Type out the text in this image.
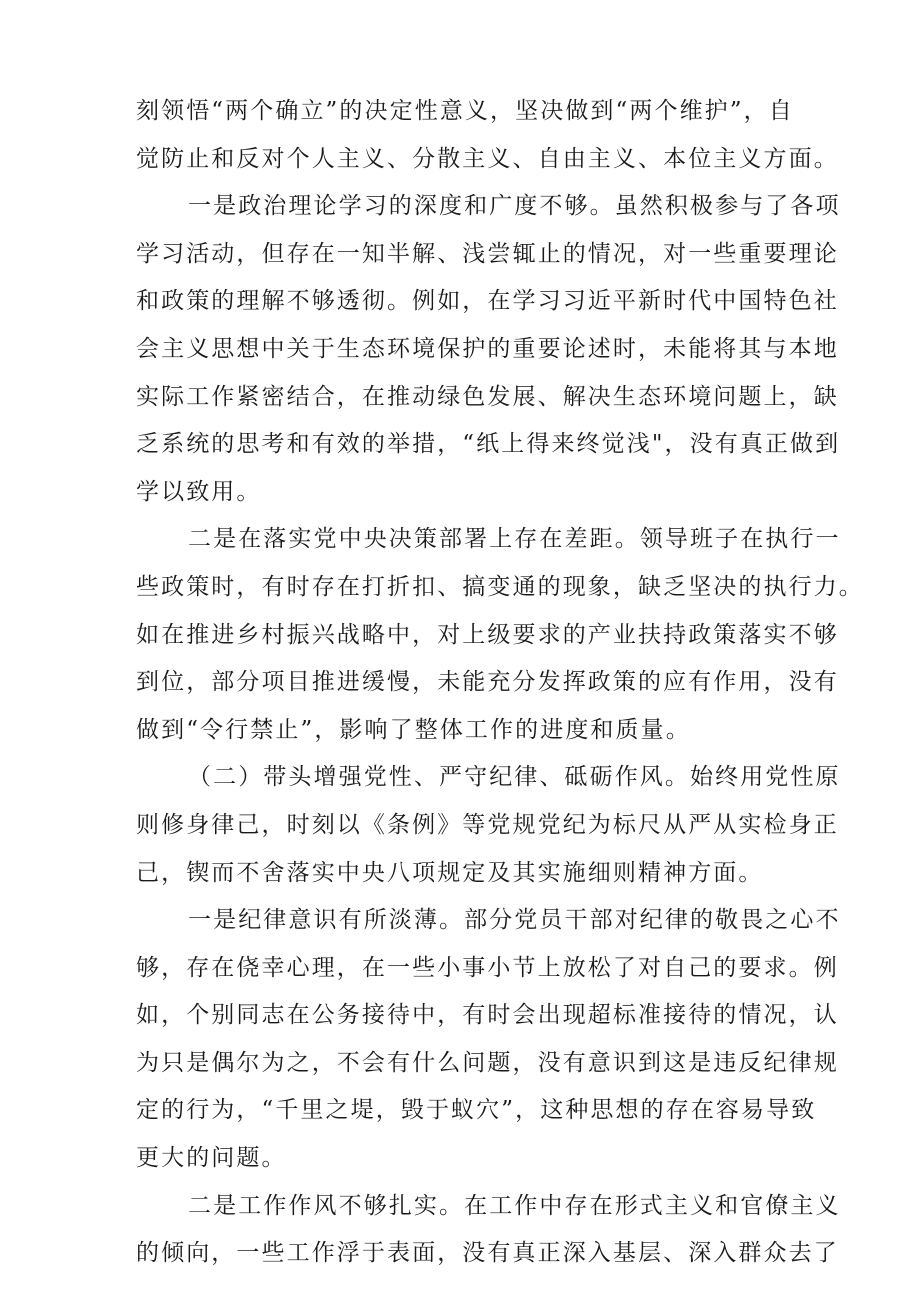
刻领悟“两个确立”的决定性意义，坚决做到“两个维护”，自
觉防止和反对个人主义、分散主义、自由主义、本位主义方面。
一是政治理论学习的深度和广度不够。虽然积极参与了各项
学习活动，但存在一知半解、浅尝辄止的情况，对一些重要理论
和政策的理解不够透彻。例如，在学习习近平新时代中国特色社
会主义思想中关于生态环境保护的重要论述时，未能将其与本地
实际工作紧密结合，在推动绿色发展、解决生态环境问题上，缺
乏系统的思考和有效的举措，“纸上得来终觉浅"，没有真正做到
学以致用。
二是在落实党中央决策部署上存在差距。领导班子在执行一
些政策时，有时存在打折扣、搞变通的现象，缺乏坚决的执行力。
如在推进乡村振兴战略中，对上级要求的产业扶持政策落实不够
到位，部分项目推进缓慢，未能充分发挥政策的应有作用，没有
做到“令行禁止”，影响了整体工作的进度和质量。
（二）带头增强党性、严守纪律、砥砺作风。始终用党性原
则修身律己，时刻以《条例》等党规党纪为标尺从严从实检身正
己，锲而不舍落实中央八项规定及其实施细则精神方面。
一是纪律意识有所淡薄。部分党员干部对纪律的敬畏之心不
够，存在侥幸心理，在一些小事小节上放松了对自己的要求。例
如，个别同志在公务接待中，有时会出现超标准接待的情况，认
为只是偶尔为之，不会有什么问题，没有意识到这是违反纪律规
定的行为，“千里之堤，毁于蚁穴”，这种思想的存在容易导致
更大的问题。
二是工作作风不够扎实。在工作中存在形式主义和官僚主义
的倾向，一些工作浮于表面，没有真正深入基层、深入群众去了
